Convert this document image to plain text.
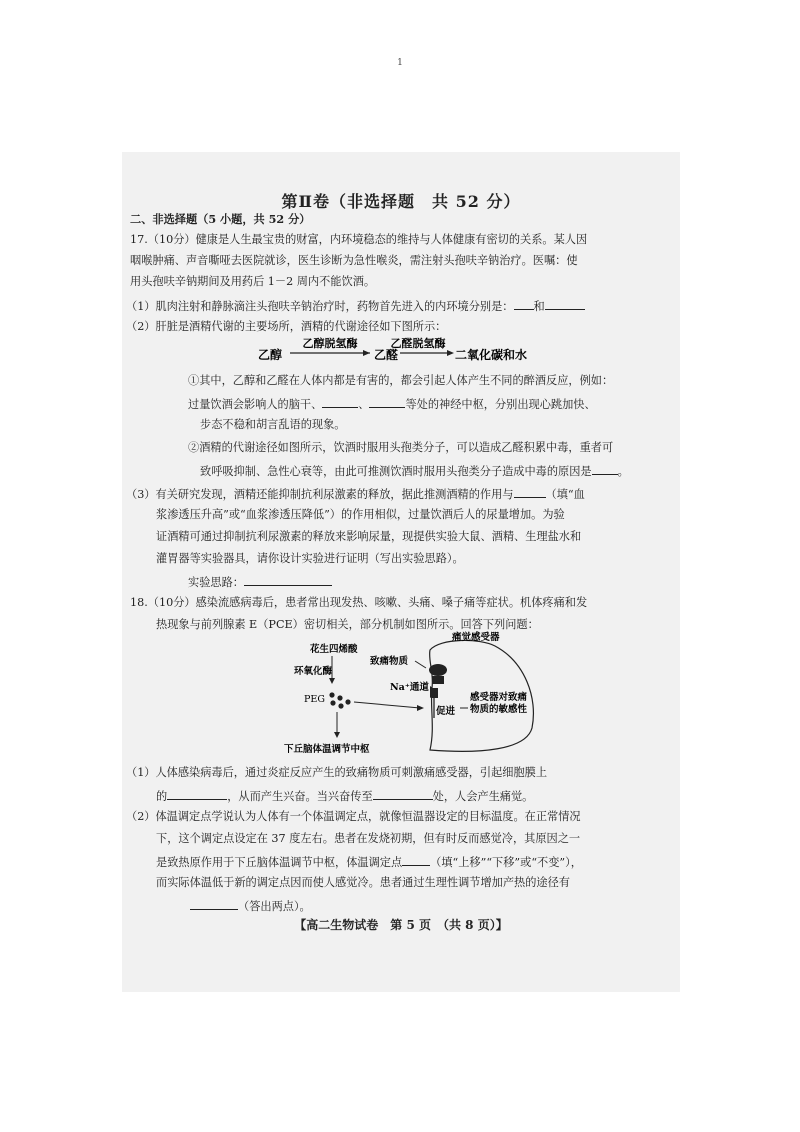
1
第Ⅱ卷（非选择题　共 52 分）
二、非选择题（5 小题，共 52 分）
17.（10分）健康是人生最宝贵的财富，内环境稳态的维持与人体健康有密切的关系。某人因
咽喉肿痛、声音嘶哑去医院就诊，医生诊断为急性喉炎，需注射头孢呋辛钠治疗。医嘱：使
用头孢呋辛钠期间及用药后 1－2 周内不能饮酒。
（1）肌肉注射和静脉滴注头孢呋辛钠治疗时，药物首先进入的内环境分别是： 和
（2）肝脏是酒精代谢的主要场所，酒精的代谢途径如下图所示：
乙醇
乙醇脱氢酶
乙醛
乙醛脱氢酶
二氧化碳和水
①其中，乙醇和乙醛在人体内都是有害的，都会引起人体产生不同的醉酒反应，例如：
过量饮酒会影响人的脑干、	、	等处的神经中枢，分别出现心跳加快、
步态不稳和胡言乱语的现象。
②酒精的代谢途径如图所示，饮酒时服用头孢类分子，可以造成乙醛积累中毒，重者可
致呼吸抑制、急性心衰等，由此可推测饮酒时服用头孢类分子造成中毒的原因是 。
（3）有关研究发现，酒精还能抑制抗利尿激素的释放，据此推测酒精的作用与	（填“血
浆渗透压升高”或“血浆渗透压降低”）的作用相似，过量饮酒后人的尿量增加。为验
证酒精可通过抑制抗利尿激素的释放来影响尿量，现提供实验大鼠、酒精、生理盐水和
灌胃器等实验器具，请你设计实验进行证明（写出实验思路）。
实验思路：
18.（10分）感染流感病毒后，患者常出现发热、咳嗽、头痛、嗓子痛等症状。机体疼痛和发
热现象与前列腺素 E（PCE）密切相关，部分机制如图所示。回答下列问题：
痛觉感受器
花生四烯酸
环氧化酶
致痛物质
Na⁺通道
PEG
促进
感受器对致痛
物质的敏感性
下丘脑体温调节中枢
（1）人体感染病毒后，通过炎症反应产生的致痛物质可刺激痛感受器，引起细胞膜上
的	，从而产生兴奋。当兴奋传至	处，人会产生痛觉。
（2）体温调定点学说认为人体有一个体温调定点，就像恒温器设定的目标温度。在正常情况
下，这个调定点设定在 37 度左右。患者在发烧初期，但有时反而感觉冷，其原因之一
是致热原作用于下丘脑体温调节中枢，体温调定点	（填“上移”“下移”或“不变”），
而实际体温低于新的调定点因而使人感觉冷。患者通过生理性调节增加产热的途径有
（答出两点）。
【高二生物试卷　第 5 页　（共 8 页）】
